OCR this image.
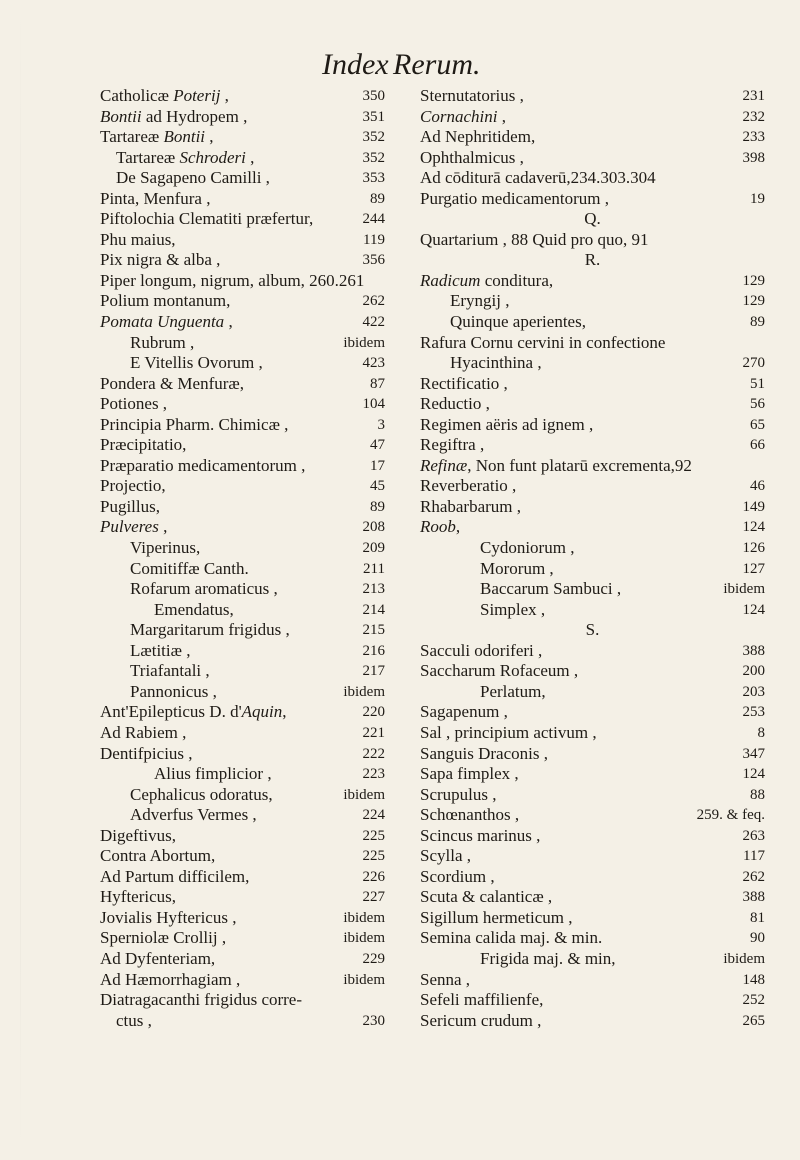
Index Rerum.
Catholicæ Poterij ,	350
Bontii ad Hydropem ,	351
Tartareæ Bontii ,	352
Tartareæ Schroderi ,	352
De Sagapeno Camilli ,	353
Pinta, Menfura ,	89
Piftolochia Clematiti præfertur,	244
Phu maius,	119
Pix nigra & alba ,	356
Piper longum, nigrum, album, 260.261
Polium montanum,	262
Pomata Unguenta ,	422
Rubrum ,	ibidem
E Vitellis Ovorum ,	423
Pondera & Menfuræ,	87
Potiones ,	104
Principia Pharm. Chimicæ ,	3
Præcipitatio,	47
Præparatio medicamentorum ,	17
Projectio,	45
Pugillus,	89
Pulveres ,	208
Viperinus,	209
Comitiffæ Canth.	211
Rofarum aromaticus ,	213
Emendatus,	214
Margaritarum frigidus ,	215
Lætitiæ ,	216
Triafantali ,	217
Pannonicus ,	ibidem
Ant'Epilepticus D. d'Aquin,	220
Ad Rabiem ,	221
Dentifpicius ,	222
Alius fimplicior ,	223
Cephalicus odoratus,	ibidem
Adverfus Vermes ,	224
Digeftivus,	225
Contra Abortum,	225
Ad Partum difficilem,	226
Hyftericus,	227
Jovialis Hyftericus ,	ibidem
Sperniolæ Crollij ,	ibidem
Ad Dyfenteriam,	229
Ad Hæmorrhagiam ,	ibidem
Diatragacanthi frigidus corre-
ctus ,	230
Sternutatorius ,	231
Cornachini ,	232
Ad Nephritidem,	233
Ophthalmicus ,	398
Ad cōditurā cadaverū,234.303.304
Purgatio medicamentorum ,	19
Q.
Quartarium , 88 Quid pro quo, 91
R.
Radicum conditura,	129
Eryngij ,	129
Quinque aperientes,	89
Rafura Cornu cervini in confectione
Hyacinthina ,	270
Rectificatio ,	51
Reductio ,	56
Regimen aëris ad ignem ,	65
Regiftra ,	66
Refinæ, Non funt platarū excrementa,92
Reverberatio ,	46
Rhabarbarum ,	149
Roob,	124
Cydoniorum ,	126
Mororum ,	127
Baccarum Sambuci ,	ibidem
Simplex ,	124
S.
Sacculi odoriferi ,	388
Saccharum Rofaceum ,	200
Perlatum,	203
Sagapenum ,	253
Sal , principium activum ,	8
Sanguis Draconis ,	347
Sapa fimplex ,	124
Scrupulus ,	88
Schœnanthos ,	259. & feq.
Scincus marinus ,	263
Scylla ,	117
Scordium ,	262
Scuta & calanticæ ,	388
Sigillum hermeticum ,	81
Semina calida maj. & min.	90
Frigida maj. & min,	ibidem
Senna ,	148
Sefeli maffilienfe,	252
Sericum crudum ,	265
